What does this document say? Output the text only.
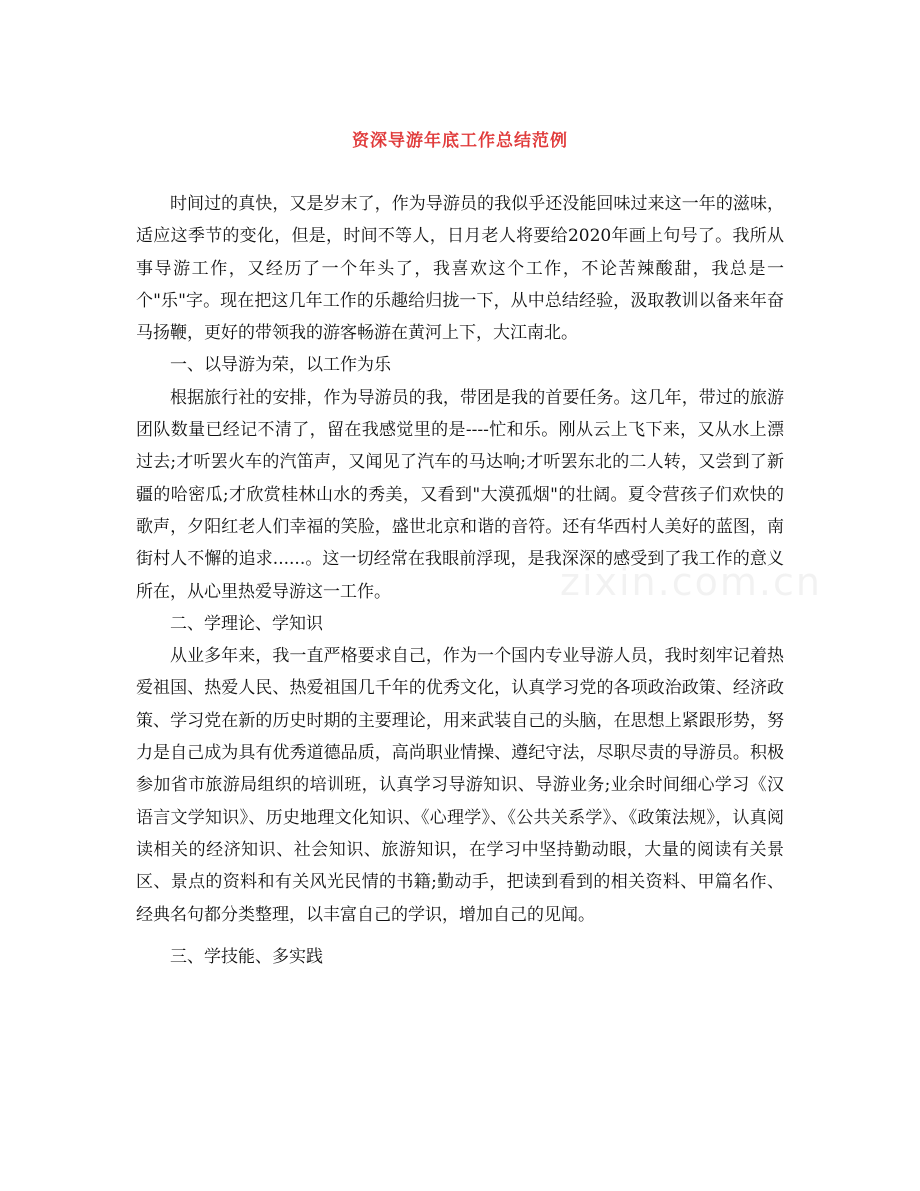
资深导游年底工作总结范例
zixin.com.cn

时间过的真快，又是岁末了，作为导游员的我似乎还没能回味过来这一年的滋味，适应这季节的变化，但是，时间不等人，日月老人将要给2020年画上句号了。我所从事导游工作，又经历了一个年头了，我喜欢这个工作，不论苦辣酸甜，我总是一个"乐"字。现在把这几年工作的乐趣给归拢一下，从中总结经验，汲取教训以备来年奋马扬鞭，更好的带领我的游客畅游在黄河上下，大江南北。

一、以导游为荣，以工作为乐

根据旅行社的安排，作为导游员的我，带团是我的首要任务。这几年，带过的旅游团队数量已经记不清了，留在我感觉里的是----忙和乐。刚从云上飞下来，又从水上漂过去;才听罢火车的汽笛声，又闻见了汽车的马达响;才听罢东北的二人转，又尝到了新疆的哈密瓜;才欣赏桂林山水的秀美，又看到"大漠孤烟"的壮阔。夏令营孩子们欢快的歌声，夕阳红老人们幸福的笑脸，盛世北京和谐的音符。还有华西村人美好的蓝图，南街村人不懈的追求......。这一切经常在我眼前浮现，是我深深的感受到了我工作的意义所在，从心里热爱导游这一工作。

二、学理论、学知识

从业多年来，我一直严格要求自己，作为一个国内专业导游人员，我时刻牢记着热爱祖国、热爱人民、热爱祖国几千年的优秀文化，认真学习党的各项政治政策、经济政策、学习党在新的历史时期的主要理论，用来武装自己的头脑，在思想上紧跟形势，努力是自己成为具有优秀道德品质，高尚职业情操、遵纪守法，尽职尽责的导游员。积极参加省市旅游局组织的培训班，认真学习导游知识、导游业务;业余时间细心学习《汉语言文学知识》、历史地理文化知识、《心理学》、《公共关系学》、《政策法规》，认真阅读相关的经济知识、社会知识、旅游知识，在学习中坚持勤动眼，大量的阅读有关景区、景点的资料和有关风光民情的书籍;勤动手，把读到看到的相关资料、甲篇名作、经典名句都分类整理，以丰富自己的学识，增加自己的见闻。

三、学技能、多实践
